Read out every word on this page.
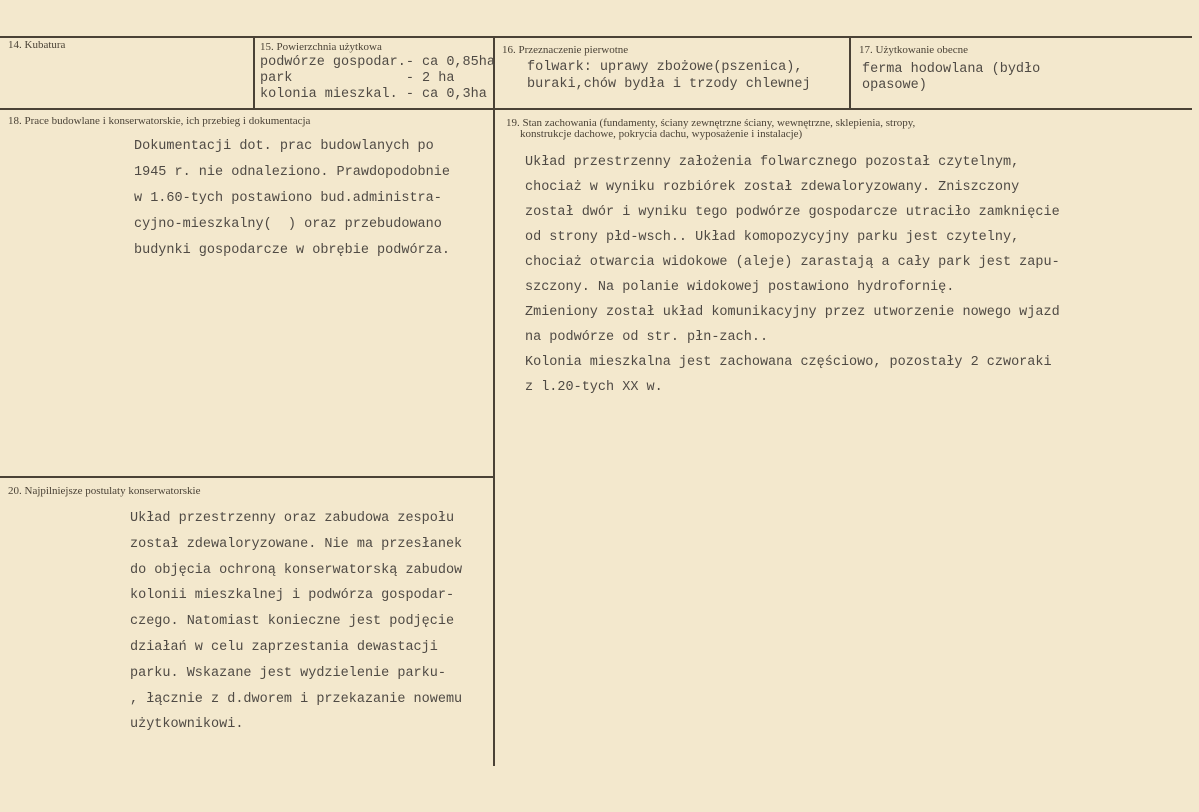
14. Kubatura	15. Powierzchnia użytkowa
podwórze gospodar.- ca 0,85ha
park              - 2 ha
kolonia mieszkal. - ca 0,3ha
16. Przeznaczenie pierwotne
folwark: uprawy zbożowe(pszenica),
buraki,chów bydła i trzody chlewnej
17. Użytkowanie obecne
ferma hodowlana (bydło
opasowe)
18. Prace budowlane i konserwatorskie, ich przebieg i dokumentacja
Dokumentacji dot. prac budowlanych po
1945 r. nie odnaleziono. Prawdopodobnie
w 1.60-tych postawiono bud.administra-
cyjno-mieszkalny(  ) oraz przebudowano
budynki gospodarcze w obrębie podwórza.
19. Stan zachowania (fundamenty, ściany zewnętrzne ściany, wewnętrzne, sklepienia, stropy,
konstrukcje dachowe, pokrycia dachu, wyposażenie i instalacje)
Układ przestrzenny założenia folwarcznego pozostał czytelnym,
chociaż w wyniku rozbiórek został zdewaloryzowany. Zniszczony
został dwór i wyniku tego podwórze gospodarcze utraciło zamknięcie
od strony płd-wsch.. Układ komopozycyjny parku jest czytelny,
chociaż otwarcia widokowe (aleje) zarastają a cały park jest zapu-
szczony. Na polanie widokowej postawiono hydrofornię.
Zmieniony został układ komunikacyjny przez utworzenie nowego wjazd
na podwórze od str. płn-zach..
Kolonia mieszkalna jest zachowana częściowo, pozostały 2 czworaki
z l.20-tych XX w.
20. Najpilniejsze postulaty konserwatorskie
Układ przestrzenny oraz zabudowa zespołu
został zdewaloryzowane. Nie ma przesłanek
do objęcia ochroną konserwatorską zabudow
kolonii mieszkalnej i podwórza gospodar-
czego. Natomiast konieczne jest podjęcie
działań w celu zaprzestania dewastacji
parku. Wskazane jest wydzielenie parku-
, łącznie z d.dworem i przekazanie nowemu
użytkownikowi.
